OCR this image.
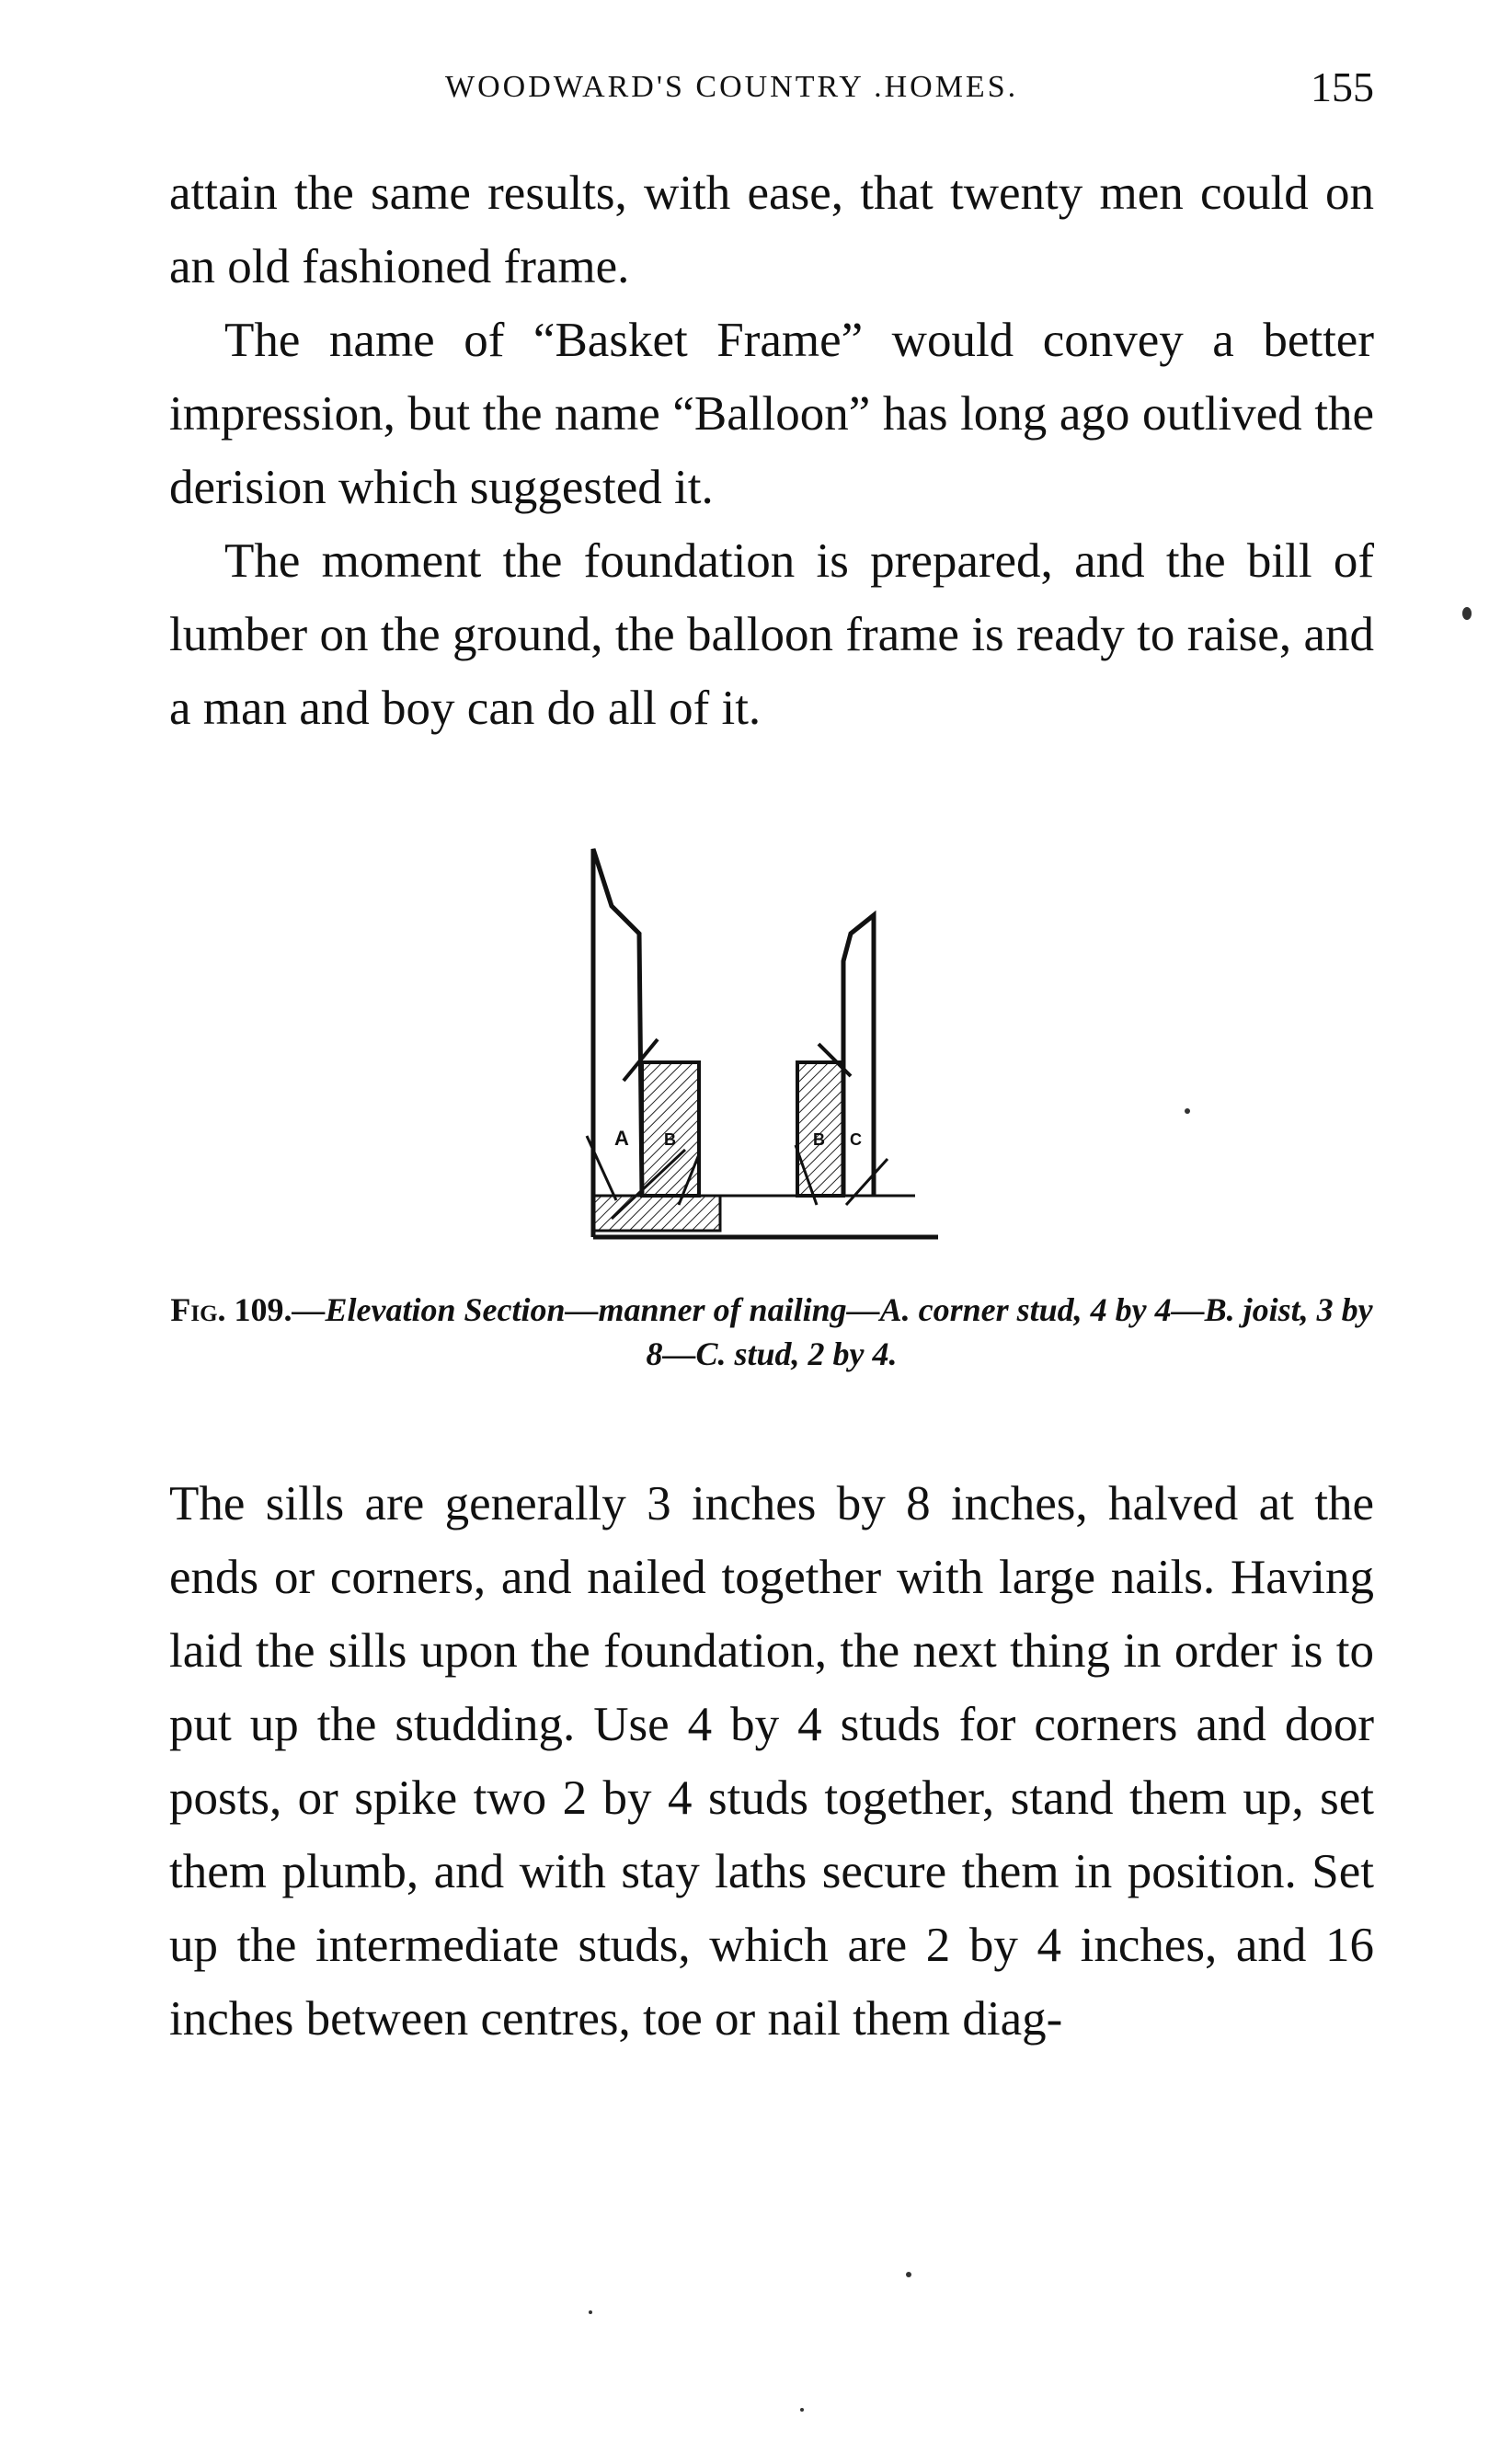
WOODWARD'S COUNTRY .HOMES.	155

attain the same results, with ease, that twenty men could on an old fashioned frame.

The name of “Basket Frame” would convey a better impression, but the name “Balloon” has long ago outlived the derision which suggested it.

The moment the foundation is prepared, and the bill of lumber on the ground, the balloon frame is ready to raise, and a man and boy can do all of it.

A B	B C

Fig. 109.—Elevation Section—manner of nailing—A. corner stud, 4 by 4—B. joist, 3 by 8—C. stud, 2 by 4.

The sills are generally 3 inches by 8 inches, halved at the ends or corners, and nailed together with large nails. Having laid the sills upon the foundation, the next thing in order is to put up the studding. Use 4 by 4 studs for corners and door posts, or spike two 2 by 4 studs together, stand them up, set them plumb, and with stay laths secure them in position. Set up the intermediate studs, which are 2 by 4 inches, and 16 inches between centres, toe or nail them diag-
